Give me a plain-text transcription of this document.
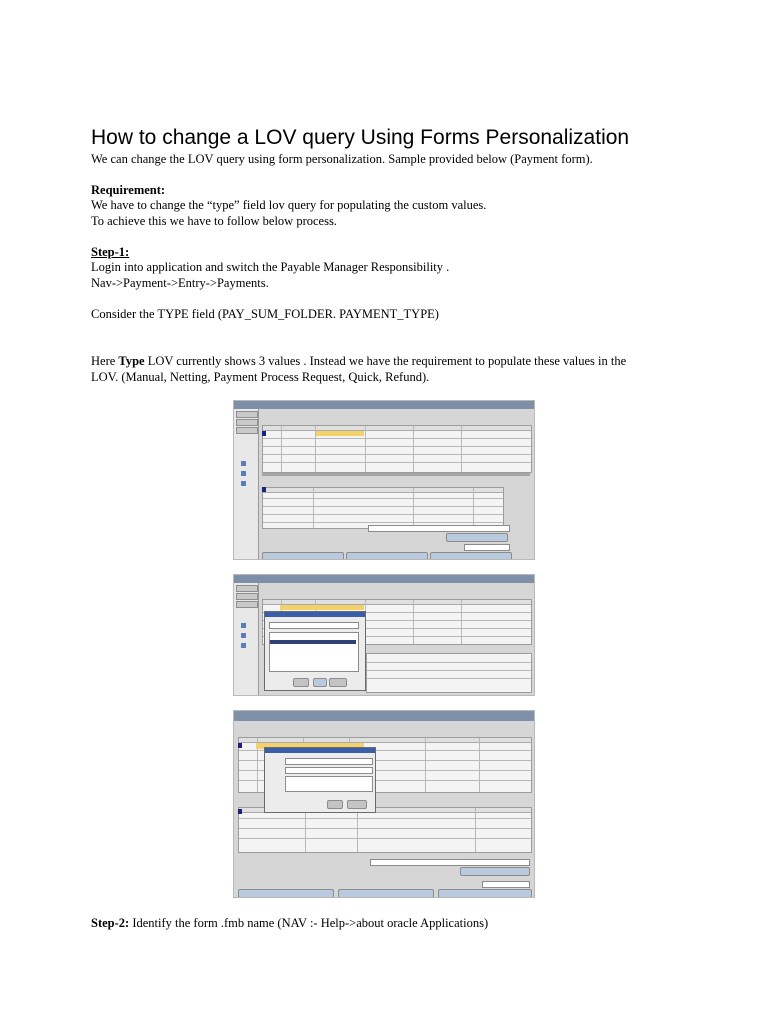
How to change a LOV query Using Forms Personalization
We can change the LOV query using form personalization. Sample provided below (Payment form).
Requirement:
We have to change the “type” field lov query for populating the custom values.
To achieve this we have to follow below process.
Step-1:
Login into application and switch the Payable Manager Responsibility .
Nav->Payment->Entry->Payments.
Consider the TYPE field (PAY_SUM_FOLDER. PAYMENT_TYPE)
Here Type LOV currently shows 3 values . Instead we have the requirement to populate these values in the
LOV. (Manual, Netting, Payment Process Request, Quick, Refund).
Step-2: Identify the form .fmb name (NAV :- Help->about oracle Applications)
